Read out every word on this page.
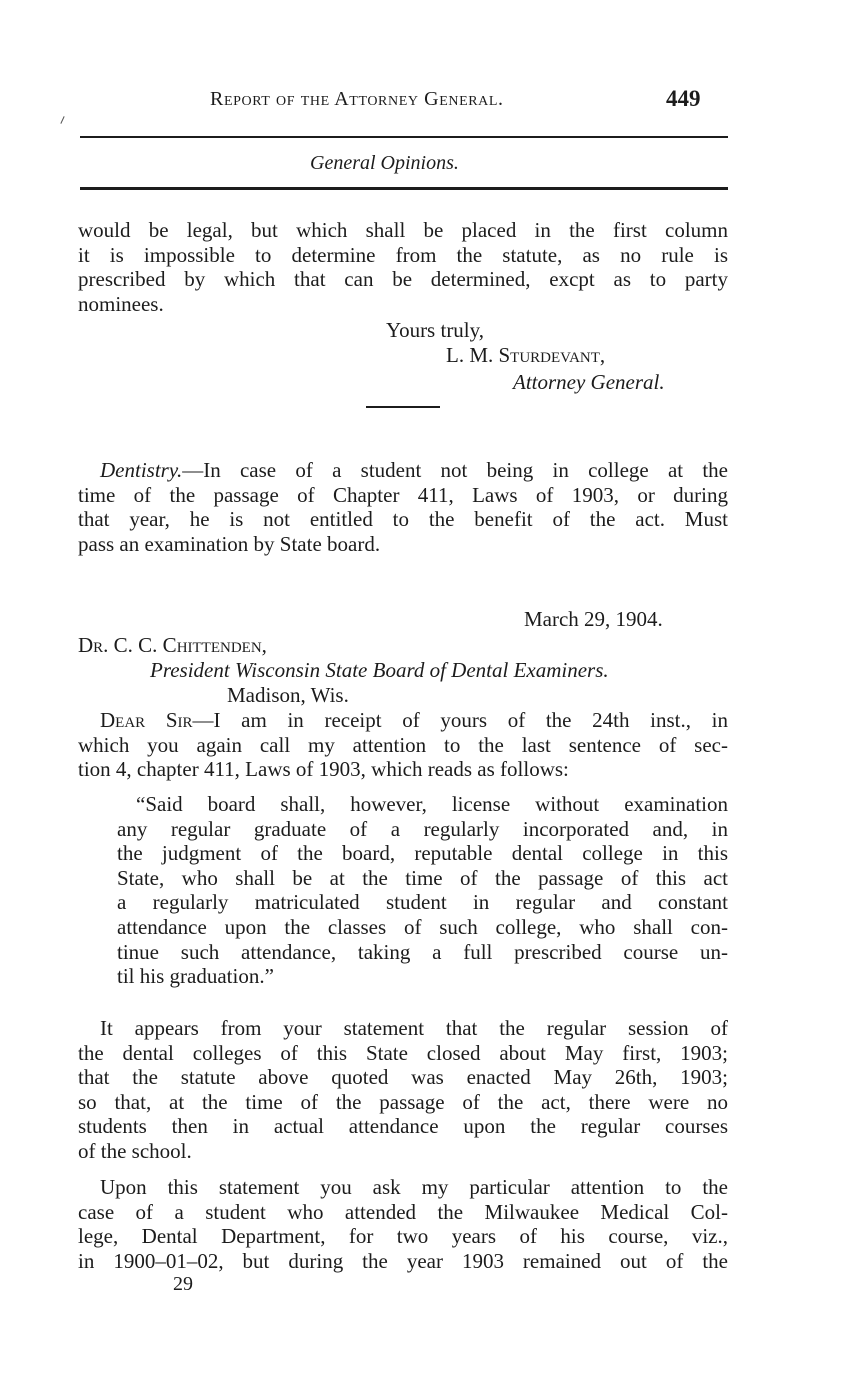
Report of the Attorney General.	449
General Opinions.
would be legal, but which shall be placed in the first column
it is impossible to determine from the statute, as no rule is
prescribed by which that can be determined, excpt as to party
nominees.
Yours truly,
L. M. Sturdevant,
Attorney General.
Dentistry.—In case of a student not being in college at the
time of the passage of Chapter 411, Laws of 1903, or during
that year, he is not entitled to the benefit of the act. Must
pass an examination by State board.
March 29, 1904.
Dr. C. C. Chittenden,
President Wisconsin State Board of Dental Examiners.
Madison, Wis.
Dear Sir—I am in receipt of yours of the 24th inst., in
which you again call my attention to the last sentence of sec-
tion 4, chapter 411, Laws of 1903, which reads as follows:
“Said board shall, however, license without examination
any regular graduate of a regularly incorporated and, in
the judgment of the board, reputable dental college in this
State, who shall be at the time of the passage of this act
a regularly matriculated student in regular and constant
attendance upon the classes of such college, who shall con-
tinue such attendance, taking a full prescribed course un-
til his graduation.”
It appears from your statement that the regular session of
the dental colleges of this State closed about May first, 1903;
that the statute above quoted was enacted May 26th, 1903;
so that, at the time of the passage of the act, there were no
students then in actual attendance upon the regular courses
of the school.
Upon this statement you ask my particular attention to the
case of a student who attended the Milwaukee Medical Col-
lege, Dental Department, for two years of his course, viz.,
in 1900–01–02, but during the year 1903 remained out of the
29
